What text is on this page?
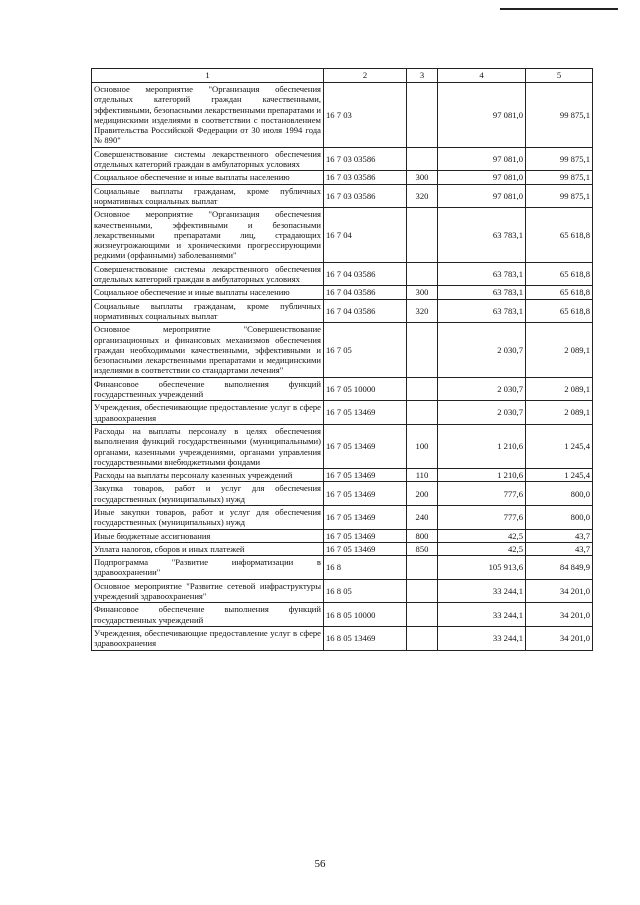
1	2	3	4	5
Основное мероприятие "Организация обеспечения отдельных категорий граждан качественными, эффективными, безопасными лекарственными препаратами и медицинскими изделиями в соответствии с постановлением Правительства Российской Федерации от 30 июля 1994 года № 890"	16 7 03		97 081,0	99 875,1
Совершенствование системы лекарственного обеспечения отдельных категорий граждан в амбулаторных условиях	16 7 03 03586		97 081,0	99 875,1
Социальное обеспечение и иные выплаты населению	16 7 03 03586	300	97 081,0	99 875,1
Социальные выплаты гражданам, кроме публичных нормативных социальных выплат	16 7 03 03586	320	97 081,0	99 875,1
Основное мероприятие "Организация обеспечения качественными, эффективными и безопасными лекарственными препаратами лиц, страдающих жизнеугрожающими и хроническими прогрессирующими редкими (орфанными) заболеваниями"	16 7 04		63 783,1	65 618,8
Совершенствование системы лекарственного обеспечения отдельных категорий граждан в амбулаторных условиях	16 7 04 03586		63 783,1	65 618,8
Социальное обеспечение и иные выплаты населению	16 7 04 03586	300	63 783,1	65 618,8
Социальные выплаты гражданам, кроме публичных нормативных социальных выплат	16 7 04 03586	320	63 783,1	65 618,8
Основное мероприятие "Совершенствование организационных и финансовых механизмов обеспечения граждан необходимыми качественными, эффективными и безопасными лекарственными препаратами и медицинскими изделиями в соответствии со стандартами лечения"	16 7 05		2 030,7	2 089,1
Финансовое обеспечение выполнения функций государственных учреждений	16 7 05 10000		2 030,7	2 089,1
Учреждения, обеспечивающие предоставление услуг в сфере здравоохранения	16 7 05 13469		2 030,7	2 089,1
Расходы на выплаты персоналу в целях обеспечения выполнения функций государственными (муниципальными) органами, казенными учреждениями, органами управления государственными внебюджетными фондами	16 7 05 13469	100	1 210,6	1 245,4
Расходы на выплаты персоналу казенных учреждений	16 7 05 13469	110	1 210,6	1 245,4
Закупка товаров, работ и услуг для обеспечения государственных (муниципальных) нужд	16 7 05 13469	200	777,6	800,0
Иные закупки товаров, работ и услуг для обеспечения государственных (муниципальных) нужд	16 7 05 13469	240	777,6	800,0
Иные бюджетные ассигнования	16 7 05 13469	800	42,5	43,7
Уплата налогов, сборов и иных платежей	16 7 05 13469	850	42,5	43,7
Подпрограмма "Развитие информатизации в здравоохранении"	16 8		105 913,6	84 849,9
Основное мероприятие "Развитие сетевой инфраструктуры учреждений здравоохранения"	16 8 05		33 244,1	34 201,0
Финансовое обеспечение выполнения функций государственных учреждений	16 8 05 10000		33 244,1	34 201,0
Учреждения, обеспечивающие предоставление услуг в сфере здравоохранения	16 8 05 13469		33 244,1	34 201,0
56
